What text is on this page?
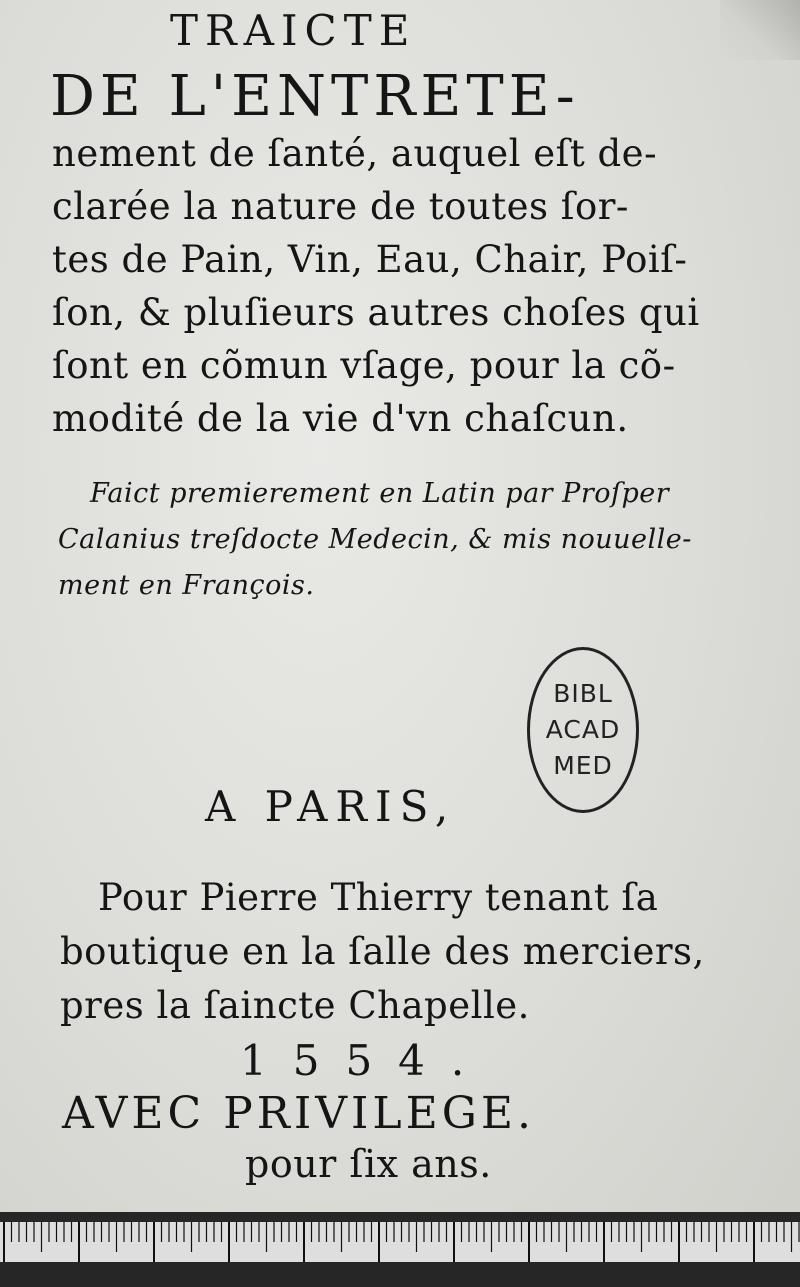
TRAICTE
DE L'ENTRETE-
nement de ſanté, auquel eſt de-
clarée la nature de toutes ſor-
tes de Pain, Vin, Eau, Chair, Poiſ-
ſon, & pluſieurs autres choſes qui
ſont en cõmun vſage, pour la cõ-
modité de la vie d'vn chaſcun.
Faict premierement en Latin par Proſper
Calanius treſdocte Medecin, & mis nouuelle-
ment en François.
BIBL
ACAD
MED
A PARIS,
Pour Pierre Thierry tenant ſa
boutique en la ſalle des merciers,
pres la ſaincte Chapelle.
1554.
AVEC PRIVILEGE.
pour ſix ans.
